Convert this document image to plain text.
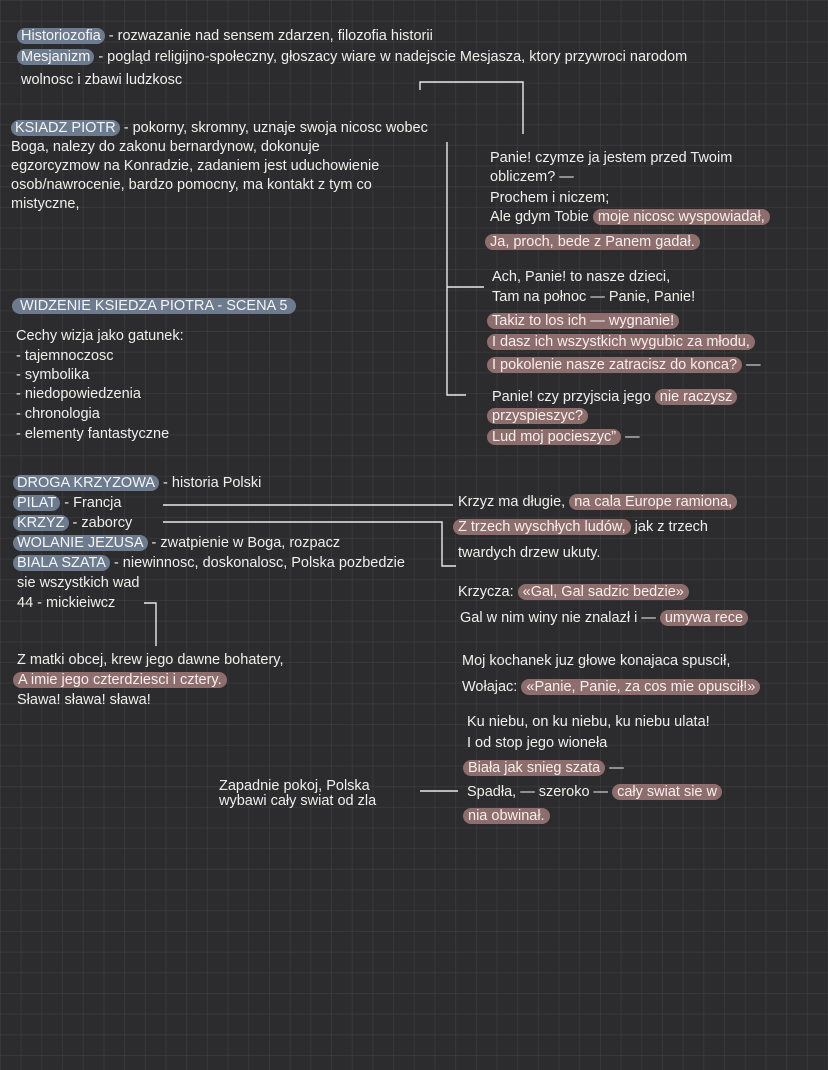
Historiozofia - rozwazanie nad sensem zdarzen, filozofia historii

Mesjanizm - pogląd religijno-społeczny, głoszacy wiare w nadejscie Mesjasza, ktory przywroci narodom

wolnosc i zbawi ludzkosc

KSIADZ PIOTR - pokorny, skromny, uznaje swoja nicosc wobec

Boga, nalezy do zakonu bernardynow, dokonuje

egzorcyzmow na Konradzie, zadaniem jest uduchowienie

osob/nawrocenie, bardzo pomocny, ma kontakt z tym co

mistyczne,

Panie! czymze ja jestem przed Twoim

obliczem? —

Prochem i niczem;

Ale gdym Tobie moje nicosc wyspowiadał,

Ja, proch, bede z Panem gadał.

Ach, Panie! to nasze dzieci,

Tam na połnoc — Panie, Panie!

Takiz to los ich — wygnanie!

I dasz ich wszystkich wygubic za młodu,

I pokolenie nasze zatracisz do konca? —

Panie! czy przyjscia jego nie raczysz

przyspieszyc?

Lud moj pocieszyc” —

WIDZENIE KSIEDZA PIOTRA - SCENA 5

Cechy wizja jako gatunek:

- tajemnoczosc

- symbolika

- niedopowiedzenia

- chronologia

- elementy fantastyczne

DROGA KRZYZOWA - historia Polski

PILAT - Francja

KRZYZ - zaborcy

WOLANIE JEZUSA - zwatpienie w Boga, rozpacz

BIALA SZATA - niewinnosc, doskonalosc, Polska pozbedzie

sie wszystkich wad

44 - mickieiwcz

Krzyz ma długie, na cala Europe ramiona,

Z trzech wyschłych ludów, jak z trzech

twardych drzew ukuty.

Krzycza: «Gal, Gal sadzic bedzie»

Gal w nim winy nie znalazł i — umywa rece

Moj kochanek juz głowe konajaca spuscił,

Wołajac: «Panie, Panie, za cos mie opuscił!»

Ku niebu, on ku niebu, ku niebu ulata!

I od stop jego wioneła

Biała jak snieg szata —

Spadła, — szeroko — cały swiat sie w

nia obwinał.

Z matki obcej, krew jego dawne bohatery,

A imie jego czterdziesci i cztery.

Sława! sława! sława!

Zapadnie pokoj, Polska

wybawi cały swiat od zla
